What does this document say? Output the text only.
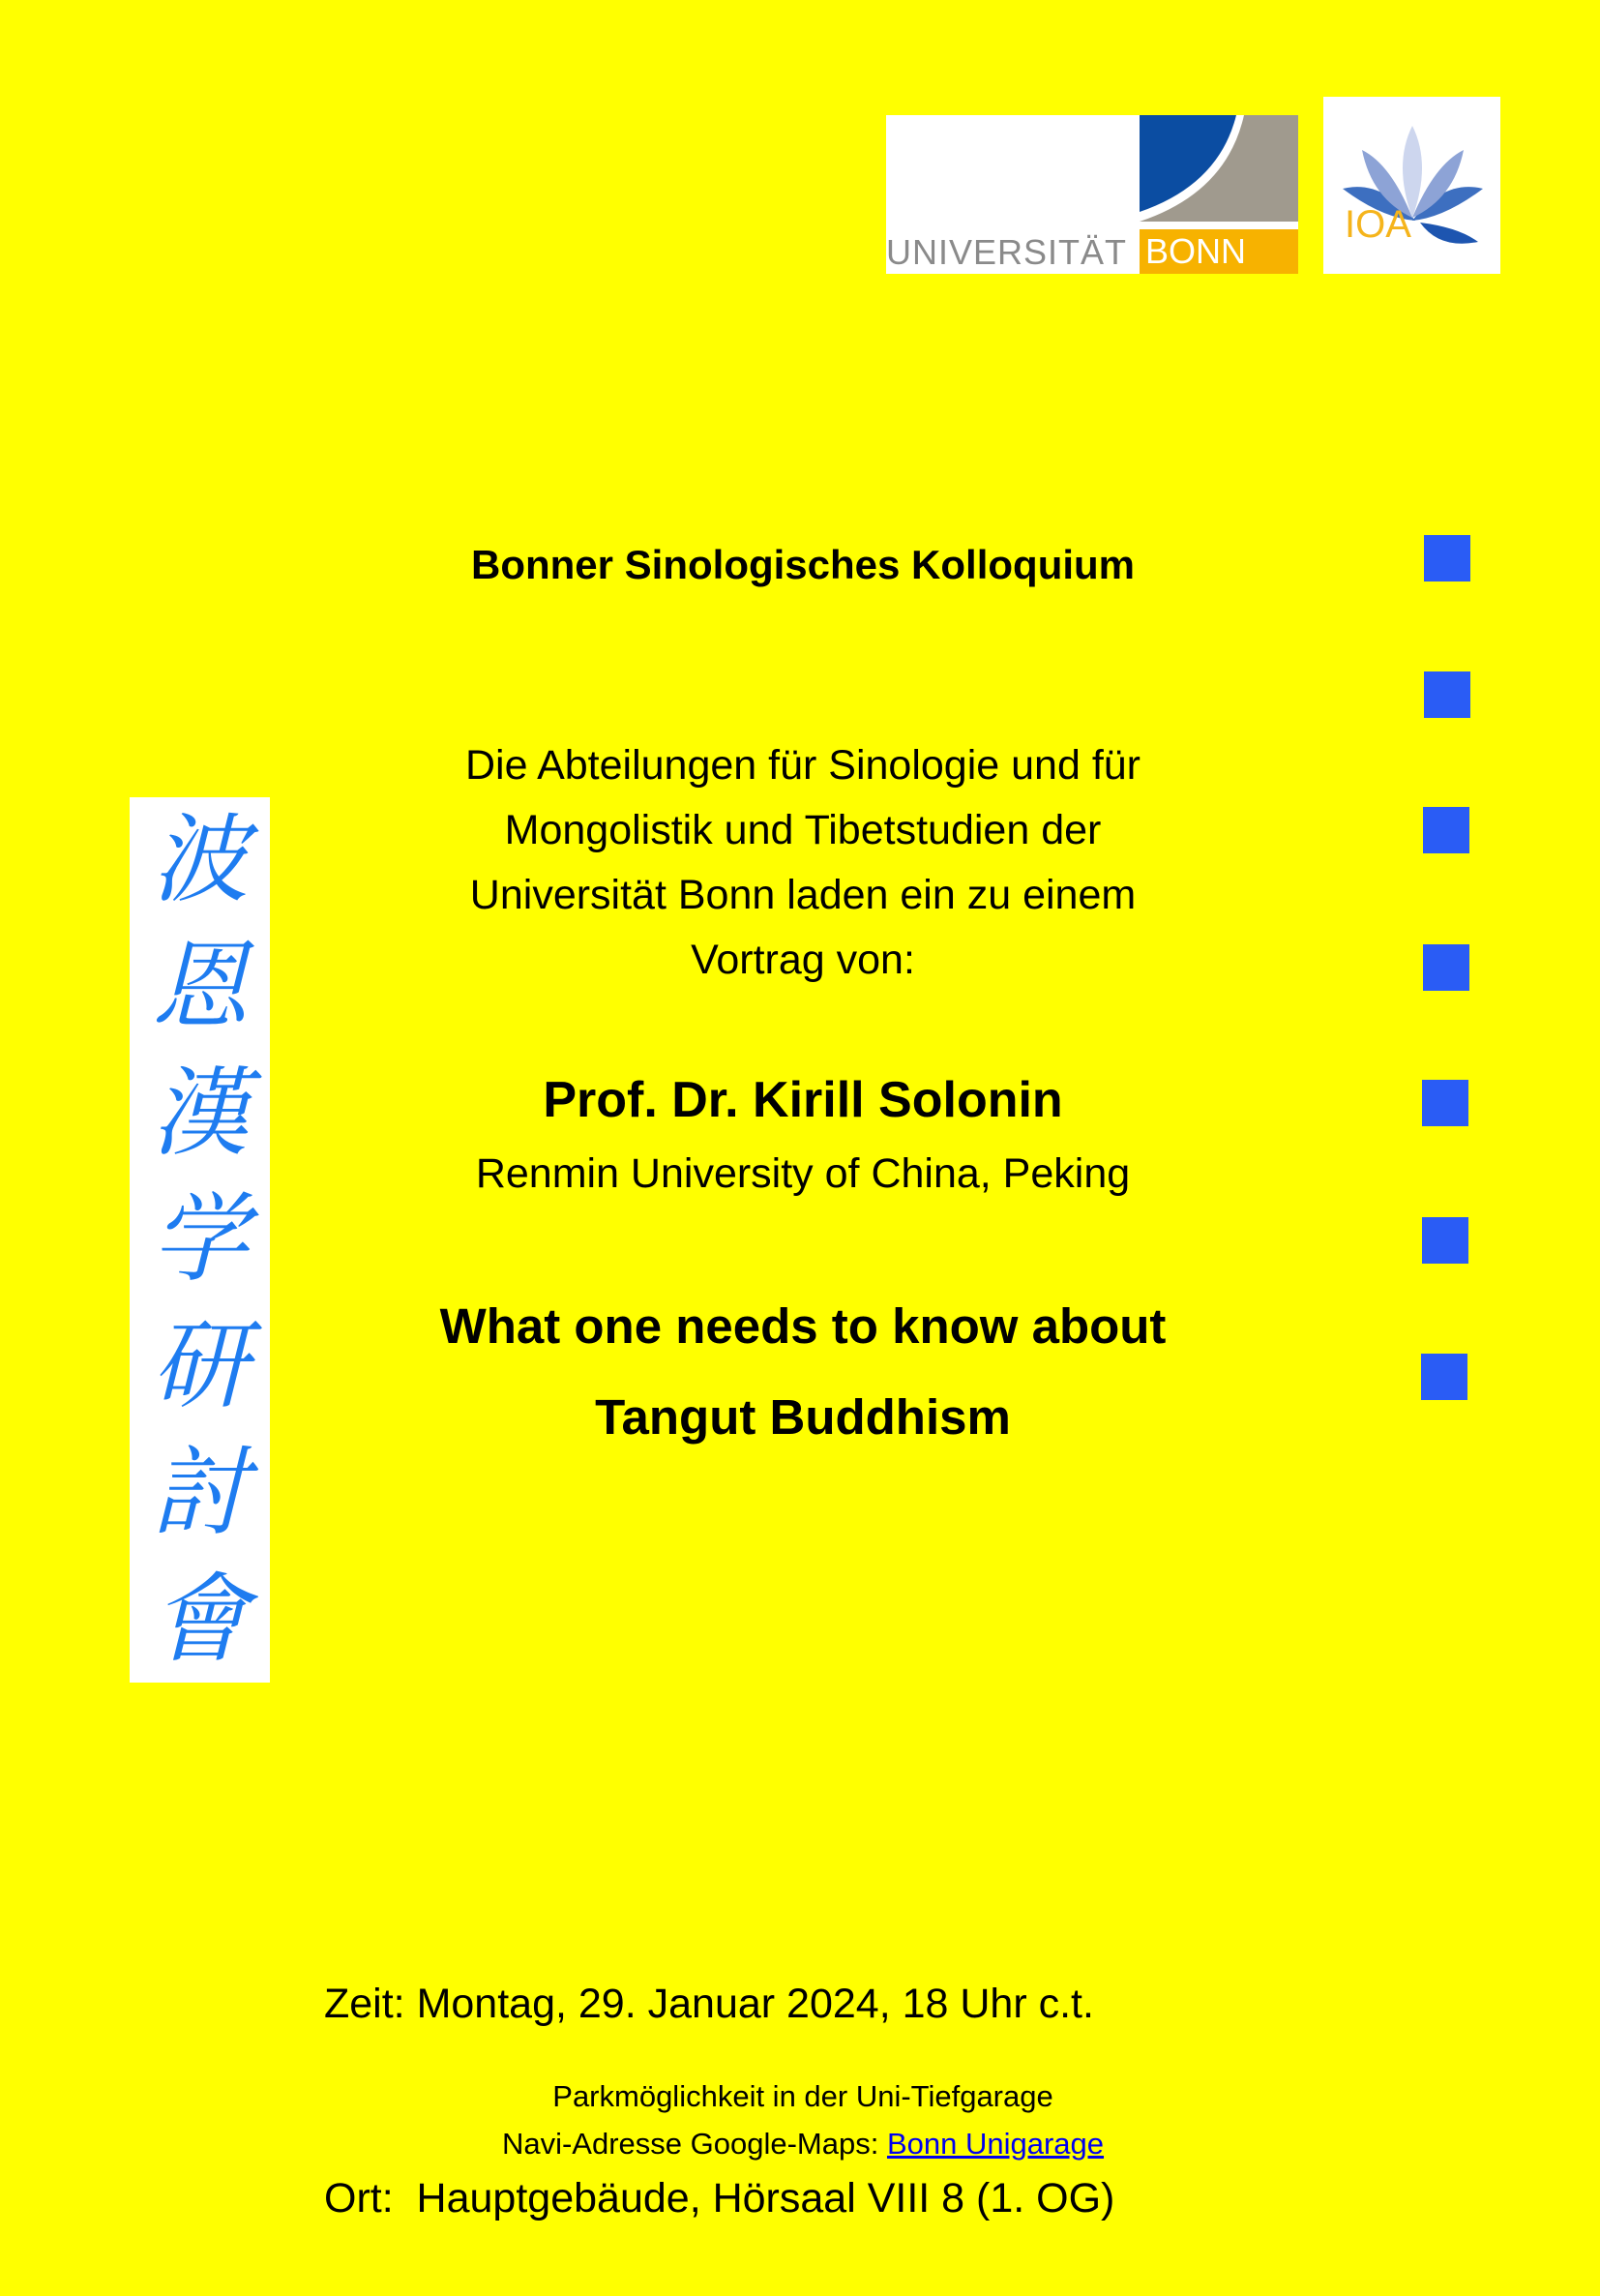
UNIVERSITÄT BONN
IOA
波
恩
漢
学
研
討
會
Bonner Sinologisches Kolloquium
Die Abteilungen für Sinologie und für
Mongolistik und Tibetstudien der
Universität Bonn laden ein zu einem
Vortrag von:
Prof. Dr. Kirill Solonin
Renmin University of China, Peking
What one needs to know about
Tangut Buddhism

Zeit: Montag, 29. Januar 2024, 18 Uhr c.t.

Ort:  Hauptgebäude, Hörsaal VIII 8 (1. OG)

Parkmöglichkeit in der Uni-Tiefgarage
Navi-Adresse Google-Maps: Bonn Unigarage
